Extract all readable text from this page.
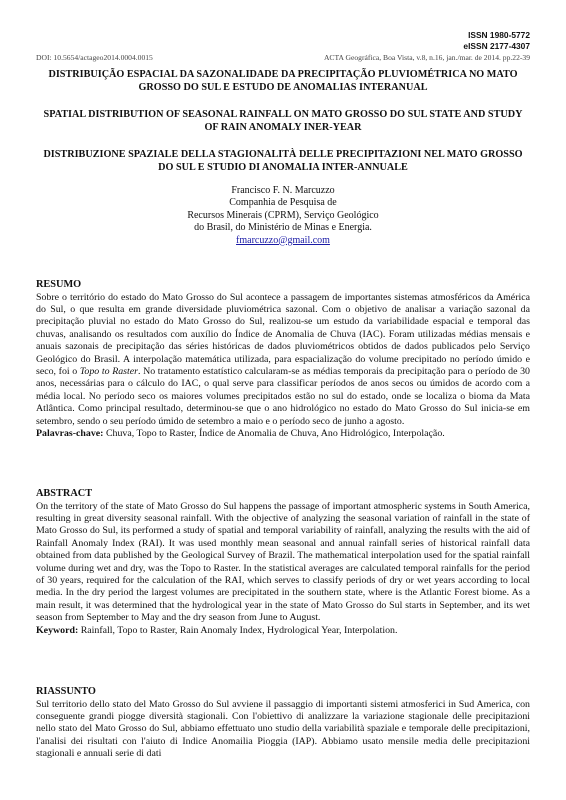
ISSN 1980-5772
eISSN 2177-4307
DOI: 10.5654/actageo2014.0004.0015	ACTA Geográfica, Boa Vista, v.8, n.16, jan./mar. de 2014. pp.22-39
DISTRIBUIÇÃO ESPACIAL DA SAZONALIDADE DA PRECIPITAÇÃO PLUVIOMÉTRICA NO MATO GROSSO DO SUL E ESTUDO DE ANOMALIAS INTERANUAL
SPATIAL DISTRIBUTION OF SEASONAL RAINFALL ON MATO GROSSO DO SUL STATE AND STUDY OF RAIN ANOMALY INER-YEAR
DISTRIBUZIONE SPAZIALE DELLA STAGIONALITÀ DELLE PRECIPITAZIONI NEL MATO GROSSO DO SUL E STUDIO DI ANOMALIA INTER-ANNUALE
Francisco F. N. Marcuzzo
Companhia de Pesquisa de
Recursos Minerais (CPRM), Serviço Geológico
do Brasil, do Ministério de Minas e Energia.
fmarcuzzo@gmail.com
RESUMO

Sobre o território do estado do Mato Grosso do Sul acontece a passagem de importantes sistemas atmosféricos da América do Sul, o que resulta em grande diversidade pluviométrica sazonal. Com o objetivo de analisar a variação sazonal da precipitação pluvial no estado do Mato Grosso do Sul, realizou-se um estudo da variabilidade espacial e temporal das chuvas, analisando os resultados com auxílio do Índice de Anomalia de Chuva (IAC). Foram utilizadas médias mensais e anuais sazonais de precipitação das séries históricas de dados pluviométricos obtidos de dados publicados pelo Serviço Geológico do Brasil. A interpolação matemática utilizada, para espacialização do volume precipitado no período úmido e seco, foi o Topo to Raster. No tratamento estatístico calcularam-se as médias temporais da precipitação para o período de 30 anos, necessárias para o cálculo do IAC, o qual serve para classificar períodos de anos secos ou úmidos de acordo com a média local. No período seco os maiores volumes precipitados estão no sul do estado, onde se localiza o bioma da Mata Atlântica. Como principal resultado, determinou-se que o ano hidrológico no estado do Mato Grosso do Sul inicia-se em setembro, sendo o seu período úmido de setembro a maio e o período seco de junho a agosto.

Palavras-chave: Chuva, Topo to Raster, Índice de Anomalia de Chuva, Ano Hidrológico, Interpolação.

ABSTRACT

On the territory of the state of Mato Grosso do Sul happens the passage of important atmospheric systems in South America, resulting in great diversity seasonal rainfall. With the objective of analyzing the seasonal variation of rainfall in the state of Mato Grosso do Sul, its performed a study of spatial and temporal variability of rainfall, analyzing the results with the aid of Rainfall Anomaly Index (RAI). It was used monthly mean seasonal and annual rainfall series of historical rainfall data obtained from data published by the Geological Survey of Brazil. The mathematical interpolation used for the spatial rainfall volume during wet and dry, was the Topo to Raster. In the statistical averages are calculated temporal rainfalls for the period of 30 years, required for the calculation of the RAI, which serves to classify periods of dry or wet years according to local media. In the dry period the largest volumes are precipitated in the southern state, where is the Atlantic Forest biome. As a main result, it was determined that the hydrological year in the state of Mato Grosso do Sul starts in September, and its wet season from September to May and the dry season from June to August.

Keyword: Rainfall, Topo to Raster, Rain Anomaly Index, Hydrological Year, Interpolation.

RIASSUNTO

Sul territorio dello stato del Mato Grosso do Sul avviene il passaggio di importanti sistemi atmosferici in Sud America, con conseguente grandi piogge diversità stagionali. Con l'obiettivo di analizzare la variazione stagionale delle precipitazioni nello stato del Mato Grosso do Sul, abbiamo effettuato uno studio della variabilità spaziale e temporale delle precipitazioni, l'analisi dei risultati con l'aiuto di Indice Anomailia Pioggia (IAP). Abbiamo usato mensile media delle precipitazioni stagionali e annuali serie di dati
